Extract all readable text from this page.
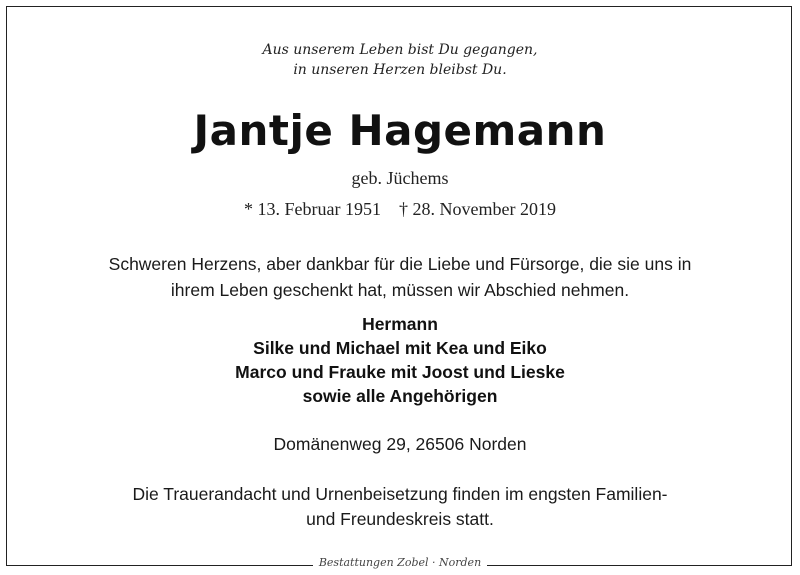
Aus unserem Leben bist Du gegangen,
in unseren Herzen bleibst Du.
Jantje Hagemann
geb. Jüchems
* 13. Februar 1951 † 28. November 2019
Schweren Herzens, aber dankbar für die Liebe und Fürsorge, die sie uns in
ihrem Leben geschenkt hat, müssen wir Abschied nehmen.
Hermann
Silke und Michael mit Kea und Eiko
Marco und Frauke mit Joost und Lieske
sowie alle Angehörigen
Domänenweg 29, 26506 Norden
Die Trauerandacht und Urnenbeisetzung finden im engsten Familien-
und Freundeskreis statt.
Bestattungen Zobel · Norden
